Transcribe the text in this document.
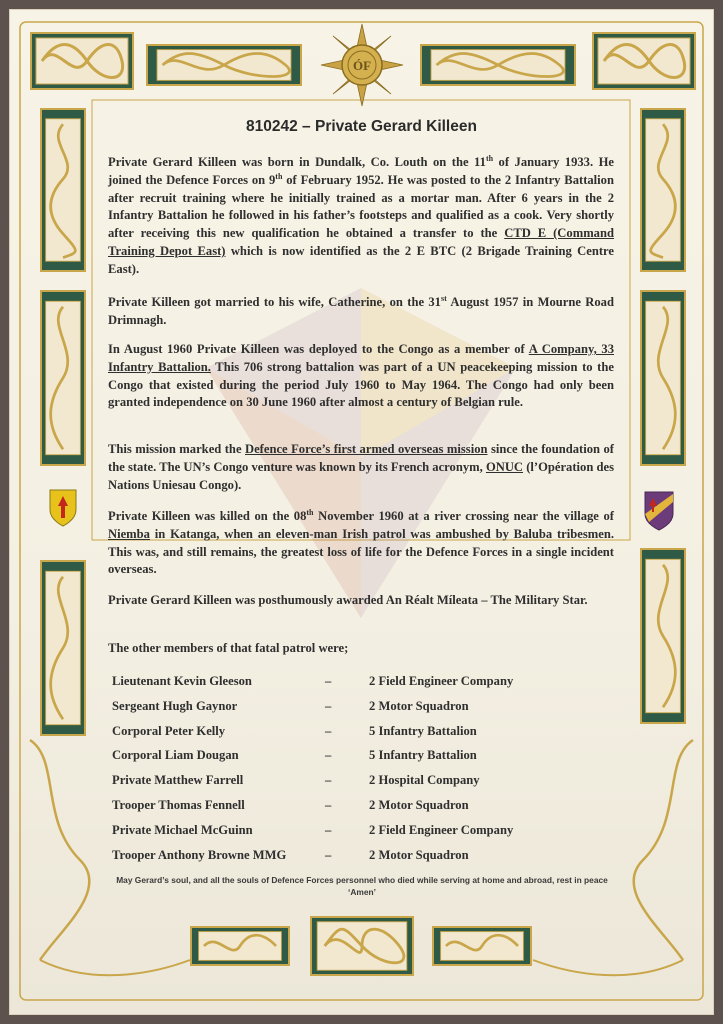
ÓF
810242 – Private Gerard Killeen
Private Gerard Killeen was born in Dundalk, Co. Louth on the 11th of January 1933. He joined the Defence Forces on 9th of February 1952. He was posted to the 2 Infantry Battalion after recruit training where he initially trained as a mortar man. After 6 years in the 2 Infantry Battalion he followed in his father’s footsteps and qualified as a cook. Very shortly after receiving this new qualification he obtained a transfer to the CTD E (Command Training Depot East) which is now identified as the 2 E BTC (2 Brigade Training Centre East).
Private Killeen got married to his wife, Catherine, on the 31st August 1957 in Mourne Road Drimnagh.
In August 1960 Private Killeen was deployed to the Congo as a member of A Company, 33 Infantry Battalion. This 706 strong battalion was part of a UN peacekeeping mission to the Congo that existed during the period July 1960 to May 1964. The Congo had only been granted independence on 30 June 1960 after almost a century of Belgian rule.
This mission marked the Defence Force’s first armed overseas mission since the foundation of the state. The UN’s Congo venture was known by its French acronym, ONUC (l’Opération des Nations Uniesau Congo).
Private Killeen was killed on the 08th November 1960 at a river crossing near the village of Niemba in Katanga, when an eleven-man Irish patrol was ambushed by Baluba tribesmen. This was, and still remains, the greatest loss of life for the Defence Forces in a single incident overseas.
Private Gerard Killeen was posthumously awarded An Réalt Míleata – The Military Star.
The other members of that fatal patrol were;
Lieutenant Kevin Gleeson	–	2 Field Engineer Company
Sergeant Hugh Gaynor	–	2 Motor Squadron
Corporal Peter Kelly	–	5 Infantry Battalion
Corporal Liam Dougan	–	5 Infantry Battalion
Private Matthew Farrell	–	2 Hospital Company
Trooper Thomas Fennell	–	2 Motor Squadron
Private Michael McGuinn	–	2 Field Engineer Company
Trooper Anthony Browne MMG	–	2 Motor Squadron
May Gerard’s soul, and all the souls of Defence Forces personnel who died while serving at home and abroad, rest in peace ‘Amen’
